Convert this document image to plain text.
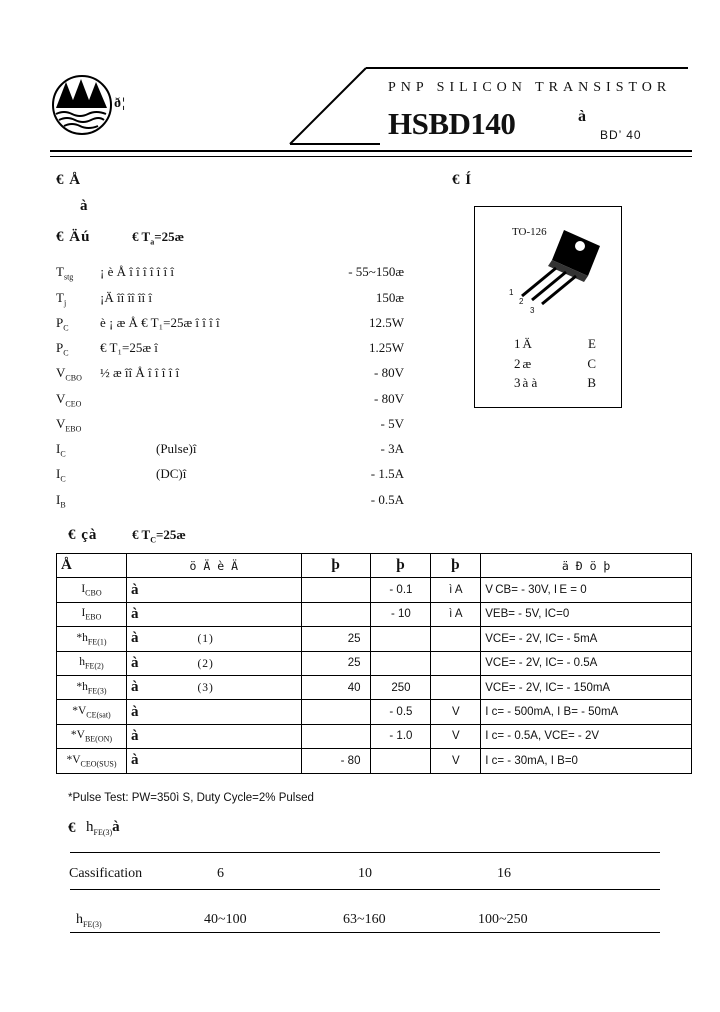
ð¦
PNP SILICON TRANSISTOR
HSBD140	à
BD’ 40
€ Å
à
€ Í
€ Äú	€ $T_a=25æ$
$T_{stg}$ ¡ è Å î î î î î î î	- 55~150æ
$T_j$	¡Ä îî îî îî î	150æ
$P_C$ è ¡ æ Å € T₁=25æ î î î î	12.5W
$P_C$ € T₁=25æ î	1.25W
$V_{CBO}$ ½ æ îî Å î î î î î	- 80V
$V_{CEO}$	- 80V
$V_{EBO}$	- 5V
$I_C$	(Pulse)î	- 3A
$I_C$	(DC)î	- 1.5A
$I_B$	- 0.5A
TO-126
1
2
3
1 Ä	E
2 æ	C
3 à à	B
€ çà	€ $T_C=25æ$
Å	ö Ä è Ä	þ	þ	þ	ä Ð ö þ
$I_{CBO}$	à		- 0.1	ì A	V CB= - 30V, I E = 0
$I_{EBO}$	à		- 10	ì A	VEB= - 5V, IC=0
$*h_{FE(1)}$	à (1)	25			VCE= - 2V, IC= - 5mA
$h_{FE(2)}$	à (2)	25			VCE= - 2V, IC= - 0.5A
$*h_{FE(3)}$	à (3)	40	250		VCE= - 2V, IC= - 150mA
$*V_{CE(sat)}$	à		- 0.5	V	I c= - 500mA, I B= - 50mA
$*V_{BE(ON)}$	à		- 1.0	V	I c= - 0.5A, VCE= - 2V
$*V_{CEO(SUS)}$	à	- 80		V	I c= - 30mA, I B=0
*Pulse Test: PW=350ì S, Duty Cycle=2% Pulsed
€ $h_{FE(3)}à$
Cassification	6	10	16
$h_{FE(3)}$	40~100	63~160	100~250
